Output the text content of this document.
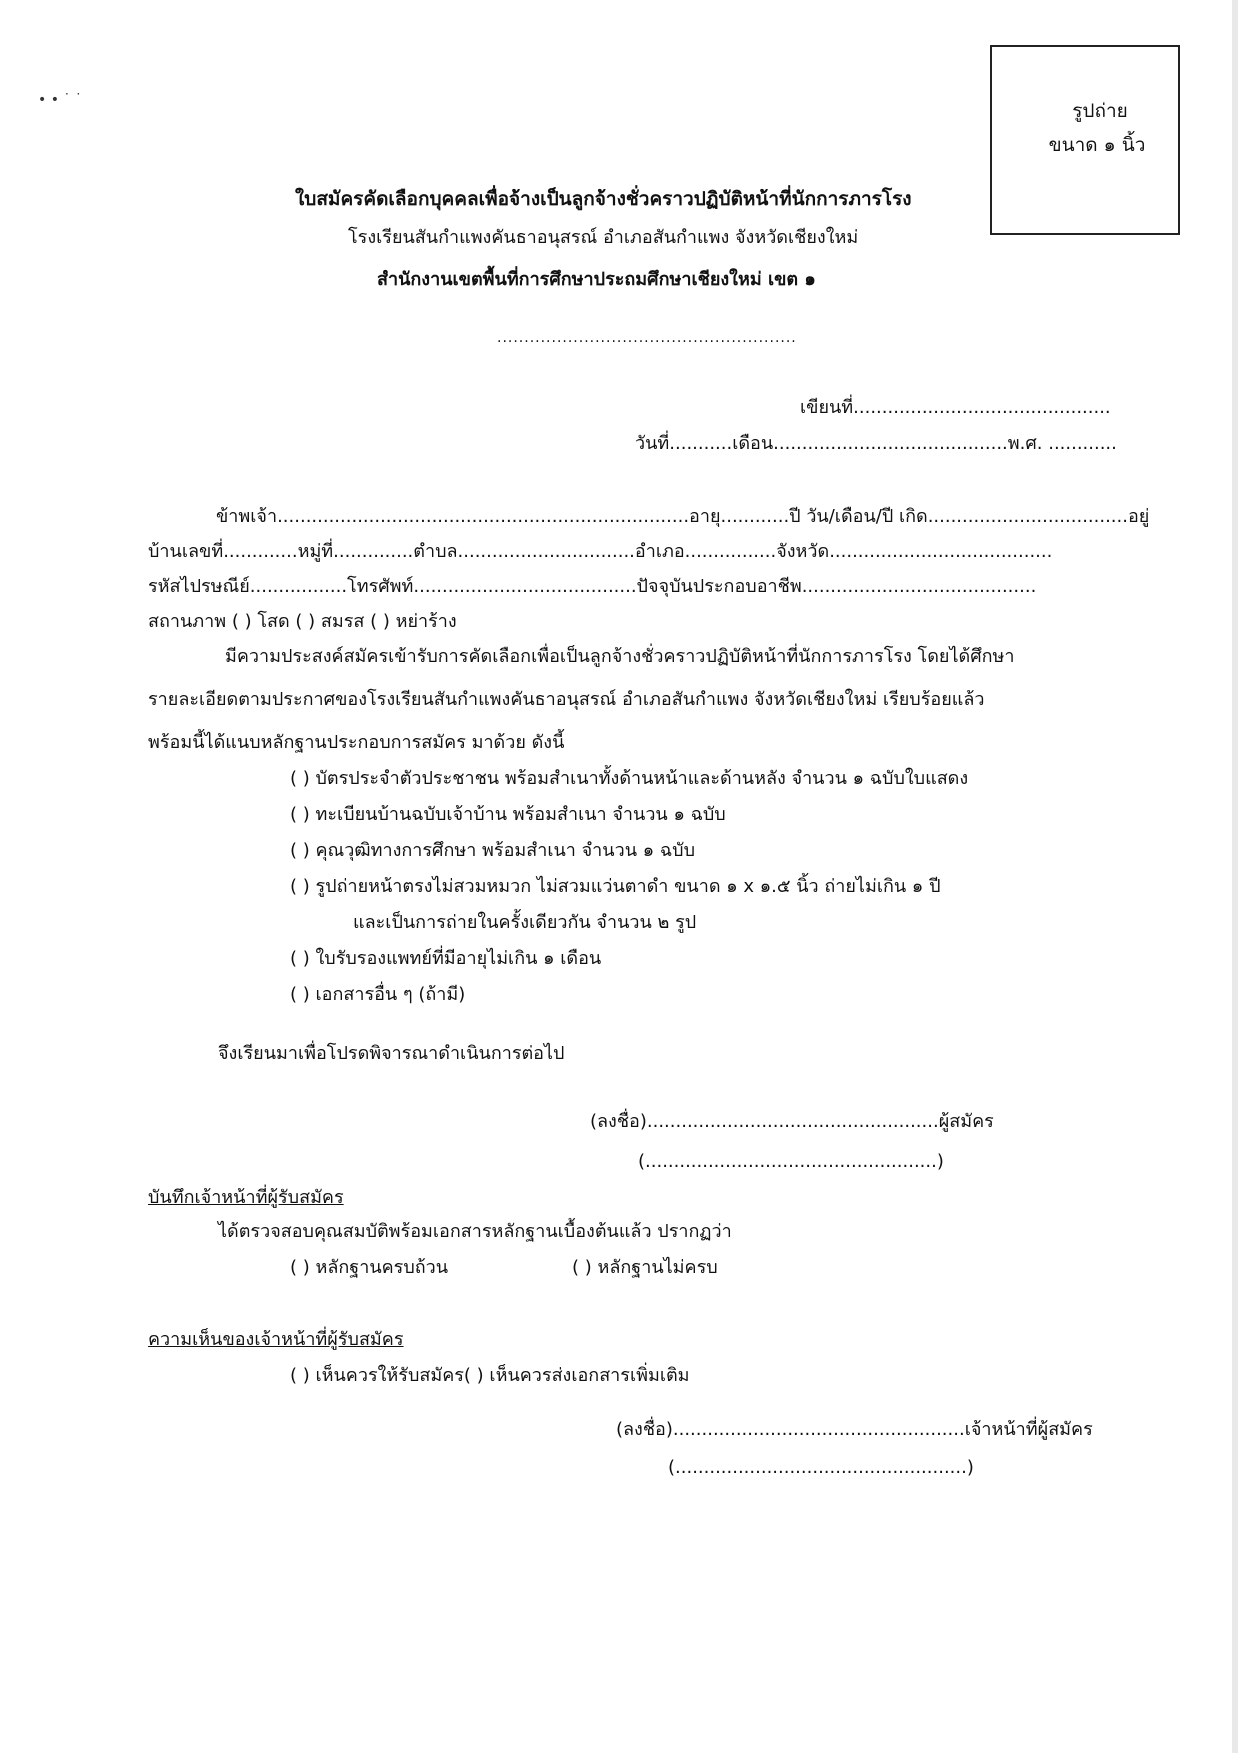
• • ˙ ˙	รูปถ่าย
ขนาด ๑ นิ้ว
ใบสมัครคัดเลือกบุคคลเพื่อจ้างเป็นลูกจ้างชั่วคราวปฏิบัติหน้าที่นักการภารโรง
โรงเรียนสันกำแพงคันธาอนุสรณ์ อำเภอสันกำแพง จังหวัดเชียงใหม่
สำนักงานเขตพื้นที่การศึกษาประถมศึกษาเชียงใหม่ เขต ๑
.......................................................
เขียนที่.............................................
วันที่...........เดือน.........................................พ.ศ. ............
ข้าพเจ้า........................................................................อายุ............ปี วัน/เดือน/ปี เกิด...................................อยู่
บ้านเลขที่.............หมู่ที่..............ตำบล...............................อำเภอ................จังหวัด.......................................
รหัสไปรษณีย์.................โทรศัพท์.......................................ปัจจุบันประกอบอาชีพ.........................................
สถานภาพ ( ) โสด ( ) สมรส ( ) หย่าร้าง
มีความประสงค์สมัครเข้ารับการคัดเลือกเพื่อเป็นลูกจ้างชั่วคราวปฏิบัติหน้าที่นักการภารโรง โดยได้ศึกษา
รายละเอียดตามประกาศของโรงเรียนสันกำแพงคันธาอนุสรณ์ อำเภอสันกำแพง จังหวัดเชียงใหม่ เรียบร้อยแล้ว
พร้อมนี้ได้แนบหลักฐานประกอบการสมัคร มาด้วย ดังนี้
( ) บัตรประจำตัวประชาชน พร้อมสำเนาทั้งด้านหน้าและด้านหลัง จำนวน ๑ ฉบับใบแสดง
( ) ทะเบียนบ้านฉบับเจ้าบ้าน พร้อมสำเนา จำนวน ๑ ฉบับ
( ) คุณวุฒิทางการศึกษา พร้อมสำเนา จำนวน ๑ ฉบับ
( ) รูปถ่ายหน้าตรงไม่สวมหมวก ไม่สวมแว่นตาดำ ขนาด ๑ x ๑.๕ นิ้ว ถ่ายไม่เกิน ๑ ปี
และเป็นการถ่ายในครั้งเดียวกัน จำนวน ๒ รูป
( ) ใบรับรองแพทย์ที่มีอายุไม่เกิน ๑ เดือน
( ) เอกสารอื่น ๆ (ถ้ามี)
จึงเรียนมาเพื่อโปรดพิจารณาดำเนินการต่อไป
(ลงชื่อ)...................................................ผู้สมัคร
(...................................................)
บันทึกเจ้าหน้าที่ผู้รับสมัคร
ได้ตรวจสอบคุณสมบัติพร้อมเอกสารหลักฐานเบื้องต้นแล้ว ปรากฏว่า
( ) หลักฐานครบถ้วน	( ) หลักฐานไม่ครบ
ความเห็นของเจ้าหน้าที่ผู้รับสมัคร
( ) เห็นควรให้รับสมัคร( ) เห็นควรส่งเอกสารเพิ่มเติม
(ลงชื่อ)...................................................เจ้าหน้าที่ผู้สมัคร
(...................................................)
